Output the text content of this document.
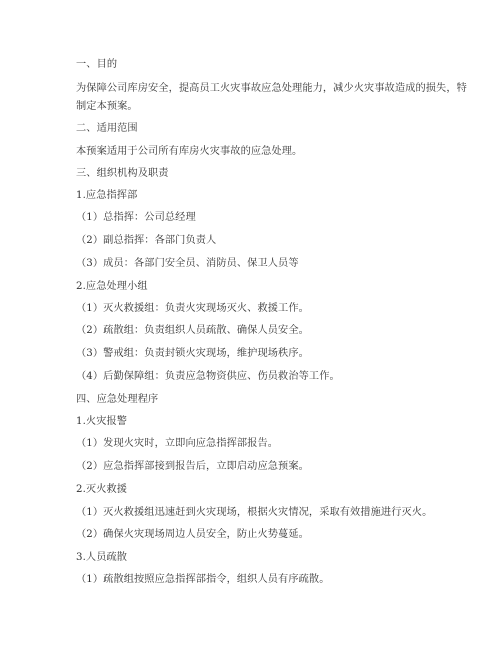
一、目的
为保障公司库房安全，提高员工火灾事故应急处理能力，减少火灾事故造成的损失，特制定本预案。
二、适用范围
本预案适用于公司所有库房火灾事故的应急处理。
三、组织机构及职责
1.应急指挥部
（1）总指挥：公司总经理
（2）副总指挥：各部门负责人
（3）成员：各部门安全员、消防员、保卫人员等
2.应急处理小组
（1）灭火救援组：负责火灾现场灭火、救援工作。
（2）疏散组：负责组织人员疏散、确保人员安全。
（3）警戒组：负责封锁火灾现场，维护现场秩序。
（4）后勤保障组：负责应急物资供应、伤员救治等工作。
四、应急处理程序
1.火灾报警
（1）发现火灾时，立即向应急指挥部报告。
（2）应急指挥部接到报告后，立即启动应急预案。
2.灭火救援
（1）灭火救援组迅速赶到火灾现场，根据火灾情况，采取有效措施进行灭火。
（2）确保火灾现场周边人员安全，防止火势蔓延。
3.人员疏散
（1）疏散组按照应急指挥部指令，组织人员有序疏散。
